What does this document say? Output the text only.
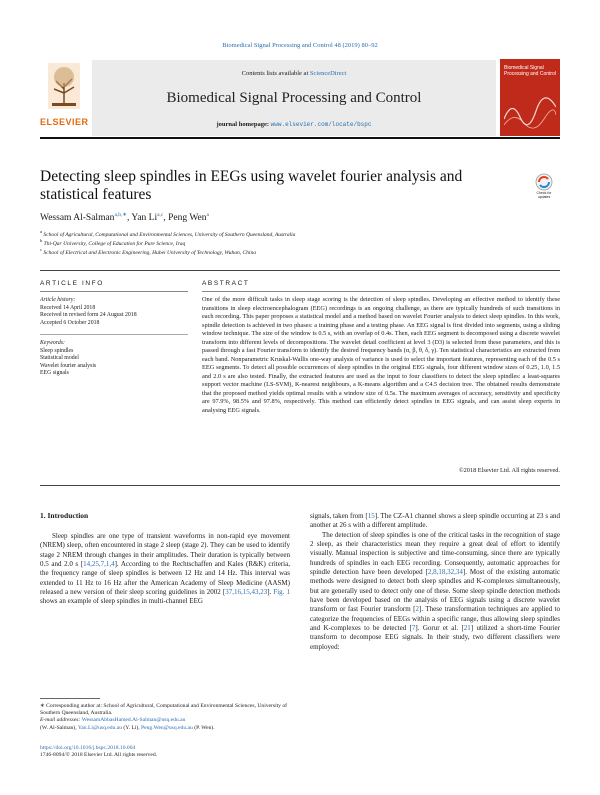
Biomedical Signal Processing and Control 48 (2019) 80–92
ELSEVIER
Contents lists available at ScienceDirect
Biomedical Signal Processing and Control
journal homepage: www.elsevier.com/locate/bspc
Biomedical Signal Processing and Control
Detecting sleep spindles in EEGs using wavelet fourier analysis and statistical features	Check for updates
Wessam Al-Salman$^{a,b,∗}$, Yan Li$^{a,c}$, Peng Wen$^a$
$^a$ School of Agricultural, Computational and Environmental Sciences, University of Southern Queensland, Australia
$^b$ Thi-Qar University, College of Education for Pure Science, Iraq
$^c$ School of Electrical and Electronic Engineering, Hubei University of Technology, Wuhan, China
ARTICLE INFO	ABSTRACT
Article history:
Received 14 April 2018
Received in revised form 24 August 2018
Accepted 6 October 2018
Keywords:
Sleep spindles
Statistical model
Wavelet fourier analysis
EEG signals
One of the more difficult tasks in sleep stage scoring is the detection of sleep spindles. Developing an effective method to identify these transitions in sleep electroencephalogram (EEG) recordings is an ongoing challenge, as there are typically hundreds of such transitions in each recording. This paper proposes a statistical model and a method based on wavelet Fourier analysis to detect sleep spindles. In this work, spindle detection is achieved in two phases: a training phase and a testing phase. An EEG signal is first divided into segments, using a sliding window technique. The size of the window is 0.5 s, with an overlap of 0.4s. Then, each EEG segment is decomposed using a discrete wavelet transform into different levels of decompositions. The wavelet detail coefficient at level 3 (D3) is selected from these parameters, and this is passed through a fast Fourier transform to identify the desired frequency bands (α, β, θ, δ, γ). Ten statistical characteristics are extracted from each band. Nonparametric Kruskal-Wallis one-way analysis of variance is used to select the important features, representing each of the 0.5 s EEG segments. To detect all possible occurrences of sleep spindles in the original EEG signals, four different window sizes of 0.25, 1.0, 1.5 and 2.0 s are also tested. Finally, the extracted features are used as the input to four classifiers to detect the sleep spindles: a least-squares support vector machine (LS-SVM), K-nearest neighbours, a K-means algorithm and a C4.5 decision tree. The obtained results demonstrate that the proposed method yields optimal results with a window size of 0.5s. The maximum averages of accuracy, sensitivity and specificity are 97.9%, 98.5% and 97.8%, respectively. This method can efficiently detect spindles in EEG signals, and can assist sleep experts in analysing EEG signals.
©2018 Elsevier Ltd. All rights reserved.
1. Introduction

Sleep spindles are one type of transient waveforms in non-rapid eye movement (NREM) sleep, often encountered in stage 2 sleep (stage 2). They can be used to identify stage 2 NREM through changes in their amplitudes. Their duration is typically between 0.5 and 2.0 s [14,25,7,1,4]. According to the Rechtschaffen and Kales (R&K) criteria, the frequency range of sleep spindles is between 12 Hz and 14 Hz. This interval was extended to 11 Hz to 16 Hz after the American Academy of Sleep Medicine (AASM) released a new version of their sleep scoring guidelines in 2002 [37,16,15,43,23]. Fig. 1 shows an example of sleep spindles in multi-channel EEG

signals, taken from [15]. The CZ-A1 channel shows a sleep spindle occurring at 23 s and another at 26 s with a different amplitude.

The detection of sleep spindles is one of the critical tasks in the recognition of stage 2 sleep, as their characteristics mean they require a great deal of effort to identify visually. Manual inspection is subjective and time-consuming, since there are typically hundreds of spindles in each EEG recording. Consequently, automatic approaches for spindle detection have been developed [2,8,18,32,34]. Most of the existing automatic methods were designed to detect both sleep spindles and K-complexes simultaneously, but are generally used to detect only one of these. Some sleep spindle detection methods have been developed based on the analysis of EEG signals using a discrete wavelet transform or fast Fourier transform [2]. These transformation techniques are applied to categorize the frequencies of EEGs within a specific range, thus allowing sleep spindles and K-complexes to be detected [7]. Gorur et al. [21] utilized a short-time Fourier transform to decompose EEG signals. In their study, two different classifiers were employed:

∗ Corresponding author at: School of Agricultural, Computational and Environmental Sciences, University of Southern Queensland, Australia.
E-mail addresses: WessamAbbasHamed.Al-Salman@usq.edu.au
(W. Al-Salman), Yan.Li@usq.edu.au (Y. Li), Peng.Wen@usq.edu.au (P. Wen).
https://doi.org/10.1016/j.bspc.2018.10.004
1746-8094/© 2018 Elsevier Ltd. All rights reserved.
